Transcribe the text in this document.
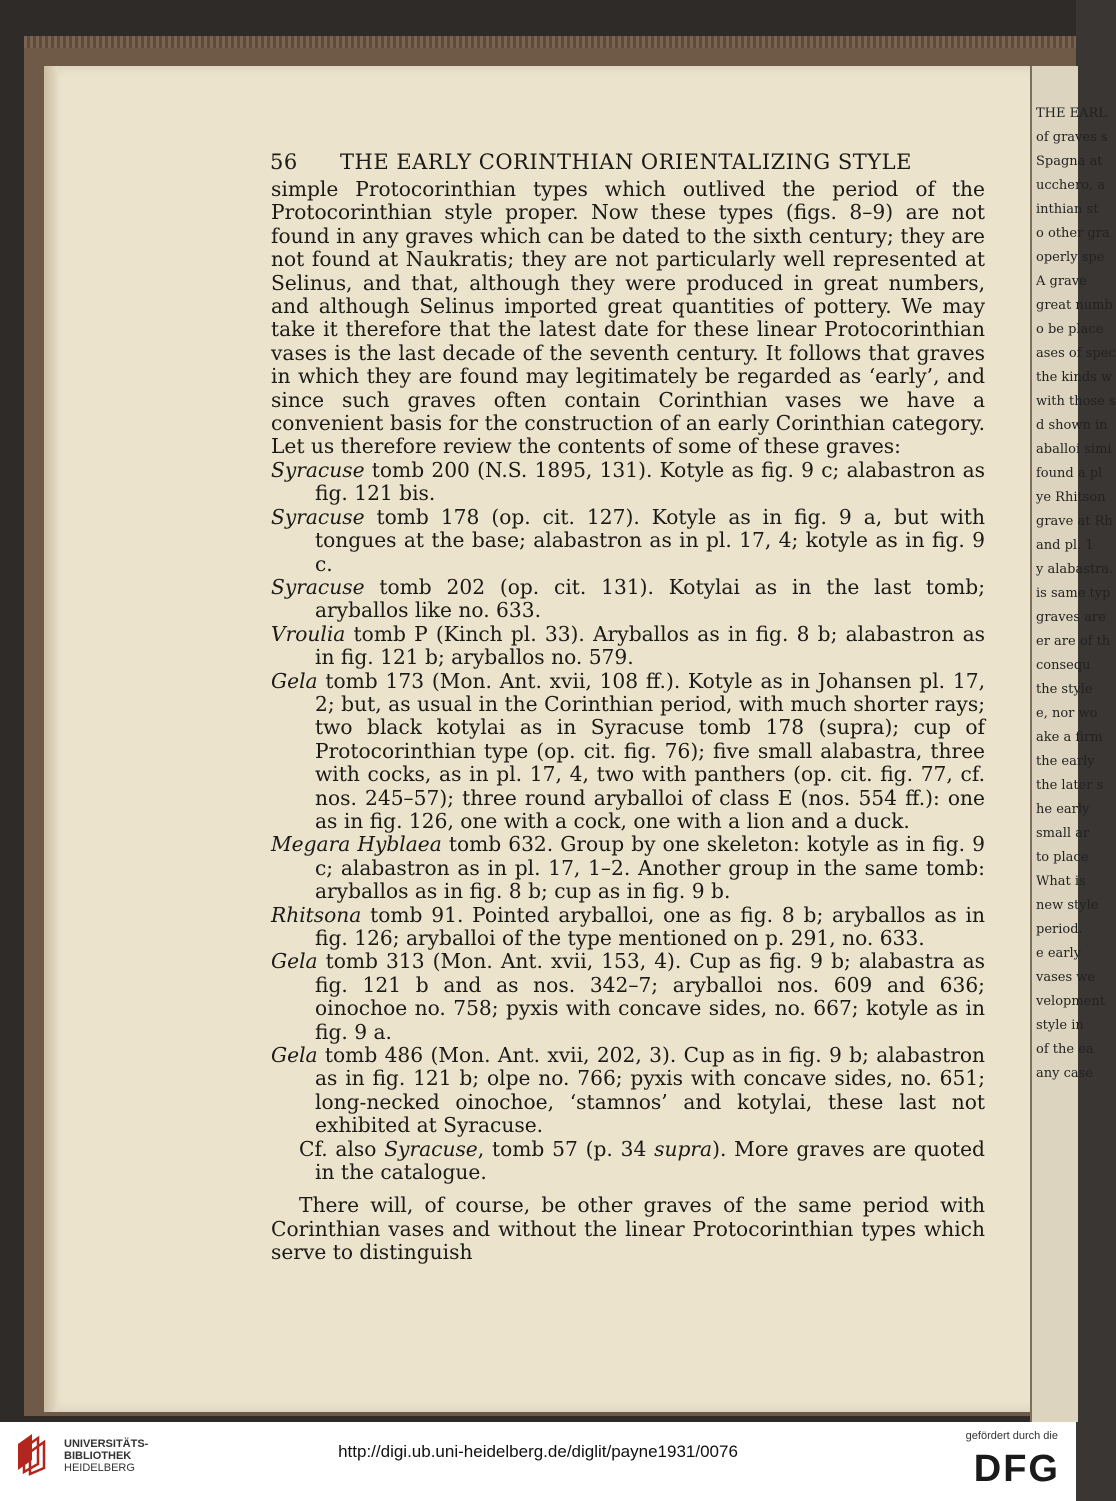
THE EARL
of graves s
Spagna at
ucchero, a
inthian st
o other gra
operly spe
A grave
great numb
o be place
ases of spec
the kinds w
with those s
d shown in
aballoi simi
found a pl
ye Rhitson
grave at Rh
and pl. 1
y alabastra.
is same typ
graves are
er are of th
consequ
the style
e, nor wo
ake a firm
the early
the later s
he early
small ar
to place
What is
new style
period.
e early
vases we
velopment
style in
of the ea
any case
56 THE EARLY CORINTHIAN ORIENTALIZING STYLE

simple Protocorinthian types which outlived the period of the Protocorinthian style proper. Now these types (figs. 8–9) are not found in any graves which can be dated to the sixth century; they are not found at Naukratis; they are not particularly well represented at Selinus, and that, although they were produced in great numbers, and although Selinus imported great quantities of pottery. We may take it therefore that the latest date for these linear Protocorinthian vases is the last decade of the seventh century. It follows that graves in which they are found may legitimately be regarded as ‘early’, and since such graves often contain Corinthian vases we have a convenient basis for the construction of an early Corinthian category. Let us therefore review the contents of some of these graves:

Syracuse tomb 200 (N.S. 1895, 131). Kotyle as fig. 9 c; alabastron as fig. 121 bis.

Syracuse tomb 178 (op. cit. 127). Kotyle as in fig. 9 a, but with tongues at the base; alabastron as in pl. 17, 4; kotyle as in fig. 9 c.

Syracuse tomb 202 (op. cit. 131). Kotylai as in the last tomb; aryballos like no. 633.

Vroulia tomb P (Kinch pl. 33). Aryballos as in fig. 8 b; alabastron as in fig. 121 b; aryballos no. 579.

Gela tomb 173 (Mon. Ant. xvii, 108 ff.). Kotyle as in Johansen pl. 17, 2; but, as usual in the Corinthian period, with much shorter rays; two black kotylai as in Syracuse tomb 178 (supra); cup of Protocorinthian type (op. cit. fig. 76); five small alabastra, three with cocks, as in pl. 17, 4, two with panthers (op. cit. fig. 77, cf. nos. 245–57); three round aryballoi of class E (nos. 554 ff.): one as in fig. 126, one with a cock, one with a lion and a duck.

Megara Hyblaea tomb 632. Group by one skeleton: kotyle as in fig. 9 c; alabastron as in pl. 17, 1–2. Another group in the same tomb: aryballos as in fig. 8 b; cup as in fig. 9 b.

Rhitsona tomb 91. Pointed aryballoi, one as fig. 8 b; aryballos as in fig. 126; aryballoi of the type mentioned on p. 291, no. 633.

Gela tomb 313 (Mon. Ant. xvii, 153, 4). Cup as fig. 9 b; alabastra as fig. 121 b and as nos. 342–7; aryballoi nos. 609 and 636; oinochoe no. 758; pyxis with concave sides, no. 667; kotyle as in fig. 9 a.

Gela tomb 486 (Mon. Ant. xvii, 202, 3). Cup as in fig. 9 b; alabastron as in fig. 121 b; olpe no. 766; pyxis with concave sides, no. 651; long-necked oinochoe, ‘stamnos’ and kotylai, these last not exhibited at Syracuse.

Cf. also Syracuse, tomb 57 (p. 34 supra). More graves are quoted in the catalogue.

There will, of course, be other graves of the same period with Corinthian vases and without the linear Protocorinthian types which serve to distinguish

UNIVERSITÄTS-
BIBLIOTHEK
HEIDELBERG
http://digi.ub.uni-heidelberg.de/diglit/payne1931/0076
gefördert durch die
DFG
